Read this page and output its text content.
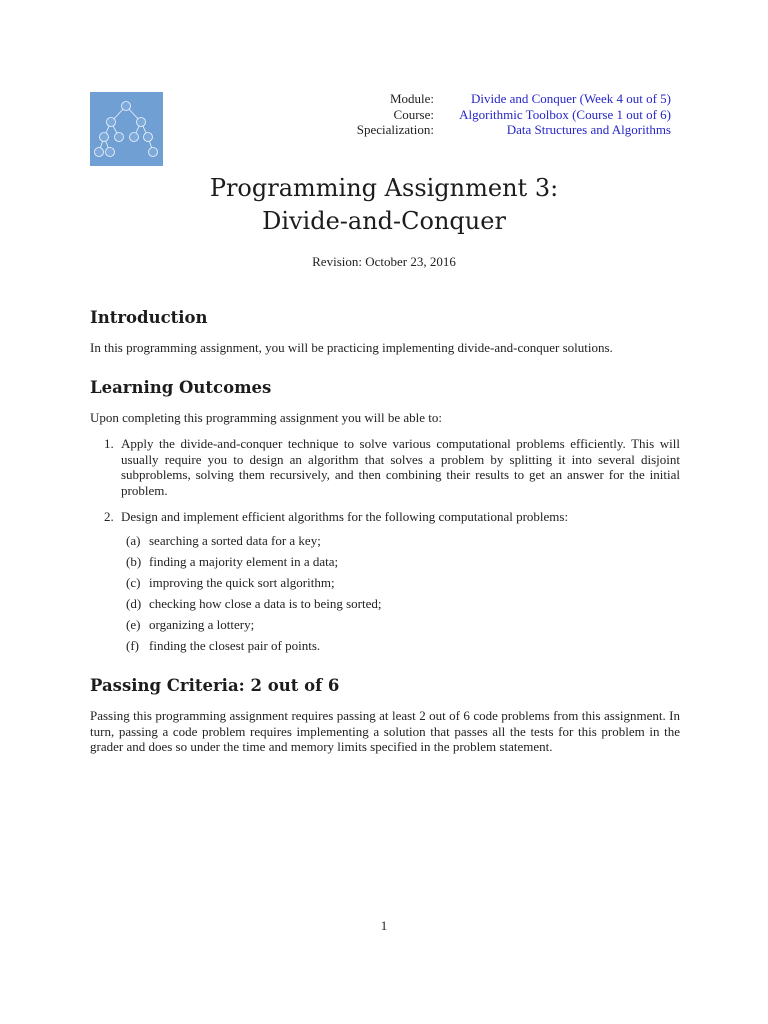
Module:	Divide and Conquer (Week 4 out of 5)
Course:	Algorithmic Toolbox (Course 1 out of 6)
Specialization:	Data Structures and Algorithms
Programming Assignment 3:
Divide-and-Conquer
Revision: October 23, 2016
Introduction
In this programming assignment, you will be practicing implementing divide-and-conquer solutions.
Learning Outcomes
Upon completing this programming assignment you will be able to:
1. Apply the divide-and-conquer technique to solve various computational problems efficiently. This will usually require you to design an algorithm that solves a problem by splitting it into several disjoint subproblems, solving them recursively, and then combining their results to get an answer for the initial problem.
2. Design and implement efficient algorithms for the following computational problems:
(a) searching a sorted data for a key;
(b) finding a majority element in a data;
(c) improving the quick sort algorithm;
(d) checking how close a data is to being sorted;
(e) organizing a lottery;
(f) finding the closest pair of points.
Passing Criteria: 2 out of 6
Passing this programming assignment requires passing at least 2 out of 6 code problems from this assignment. In turn, passing a code problem requires implementing a solution that passes all the tests for this problem in the grader and does so under the time and memory limits specified in the problem statement.
1
